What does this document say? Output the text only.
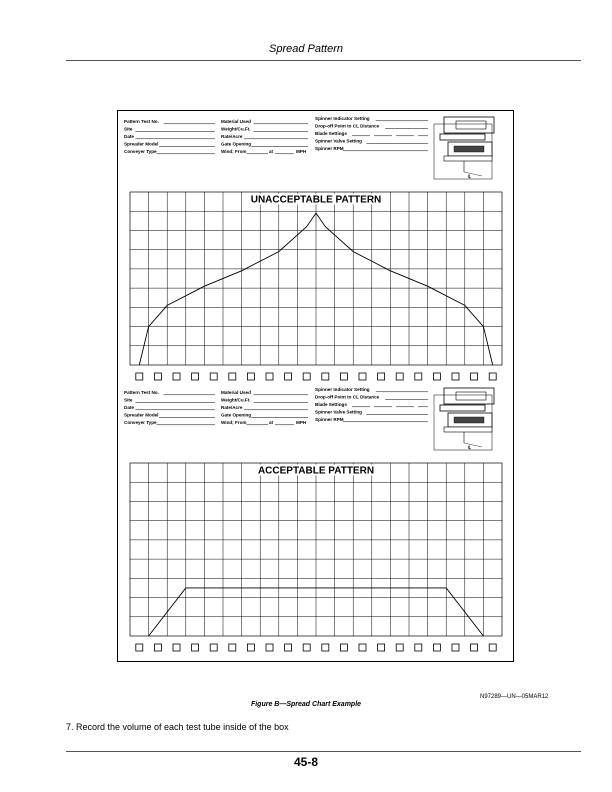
Spread Pattern
Pattern Test No.
Site
Date
Spreader Model
Conveyer Type
Material Used
Weight/Cu.Ft.
Rate/Acre
Gate Opening
Wind; From	at	MPH
Spinner Indicator Setting
Drop-off Point to CL Distance
Blade Settings
Spinner Valve Setting
Spinner RPM
℄
UNACCEPTABLE PATTERN
Pattern Test No.
Site
Date
Spreader Model
Conveyer Type
Material Used
Weight/Cu.Ft.
Rate/Acre
Gate Opening
Wind; From	at	MPH
Spinner Indicator Setting
Drop-off Point to CL Distance
Blade Settings
Spinner Valve Setting
Spinner RPM
℄
ACCEPTABLE PATTERN
N97289—UN—05MAR12
Figure B—Spread Chart Example
7. Record the volume of each test tube inside of the box
45-8
